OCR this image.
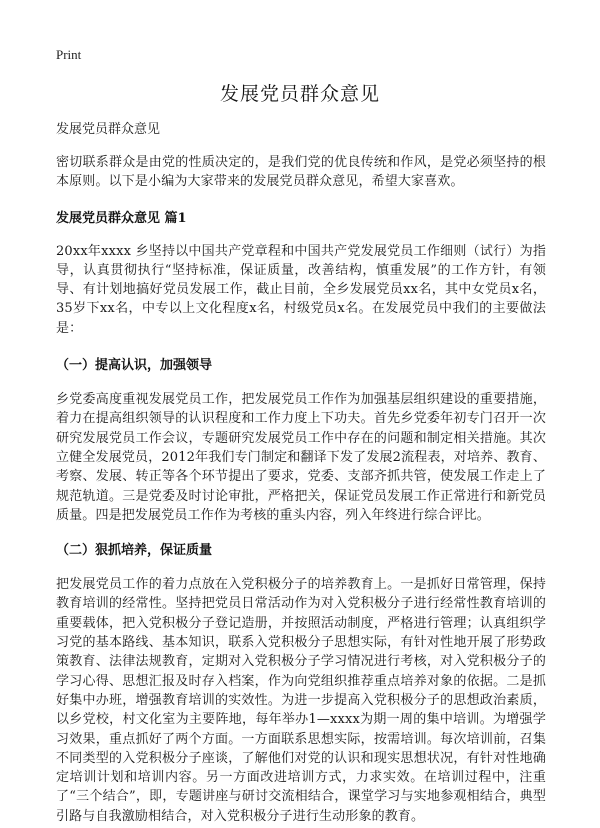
Print
发展党员群众意见

发展党员群众意见

密切联系群众是由党的性质决定的，是我们党的优良传统和作风，是党必须坚持的根本原则。以下是小编为大家带来的发展党员群众意见，希望大家喜欢。

发展党员群众意见 篇1

20xx年xxxx 乡坚持以中国共产党章程和中国共产党发展党员工作细则（试行）为指导，认真贯彻执行“坚持标准，保证质量，改善结构，慎重发展”的工作方针，有领导、有计划地搞好党员发展工作，截止目前，全乡发展党员xx名，其中女党员x名，35岁下xx名，中专以上文化程度x名，村级党员x名。在发展党员中我们的主要做法是：

（一）提高认识，加强领导

乡党委高度重视发展党员工作，把发展党员工作作为加强基层组织建设的重要措施，着力在提高组织领导的认识程度和工作力度上下功夫。首先乡党委年初专门召开一次研究发展党员工作会议，专题研究发展党员工作中存在的问题和制定相关措施。其次立健全发展党员，2012年我们专门制定和翻译下发了发展2流程表，对培养、教育、考察、发展、转正等各个环节提出了要求，党委、支部齐抓共管，使发展工作走上了规范轨道。三是党委及时讨论审批，严格把关，保证党员发展工作正常进行和新党员质量。四是把发展党员工作作为考核的重头内容，列入年终进行综合评比。

（二）狠抓培养，保证质量

把发展党员工作的着力点放在入党积极分子的培养教育上。一是抓好日常管理，保持教育培训的经常性。坚持把党员日常活动作为对入党积极分子进行经常性教育培训的重要载体，把入党积极分子登记造册，并按照活动制度，严格进行管理；认真组织学习党的基本路线、基本知识，联系入党积极分子思想实际，有针对性地开展了形势政策教育、法律法规教育，定期对入党积极分子学习情况进行考核，对入党积极分子的学习心得、思想汇报及时存入档案，作为向党组织推荐重点培养对象的依据。二是抓好集中办班，增强教育培训的实效性。为进一步提高入党积极分子的思想政治素质，以乡党校，村文化室为主要阵地，每年举办1—xxxx为期一周的集中培训。为增强学习效果，重点抓好了两个方面。一方面联系思想实际，按需培训。每次培训前，召集不同类型的入党积极分子座谈，了解他们对党的认识和现实思想状况，有针对性地确定培训计划和培训内容。另一方面改进培训方式，力求实效。在培训过程中，注重了“三个结合”，即，专题讲座与研讨交流相结合，课堂学习与实地参观相结合，典型引路与自我激励相结合，对入党积极分子进行生动形象的教育。
